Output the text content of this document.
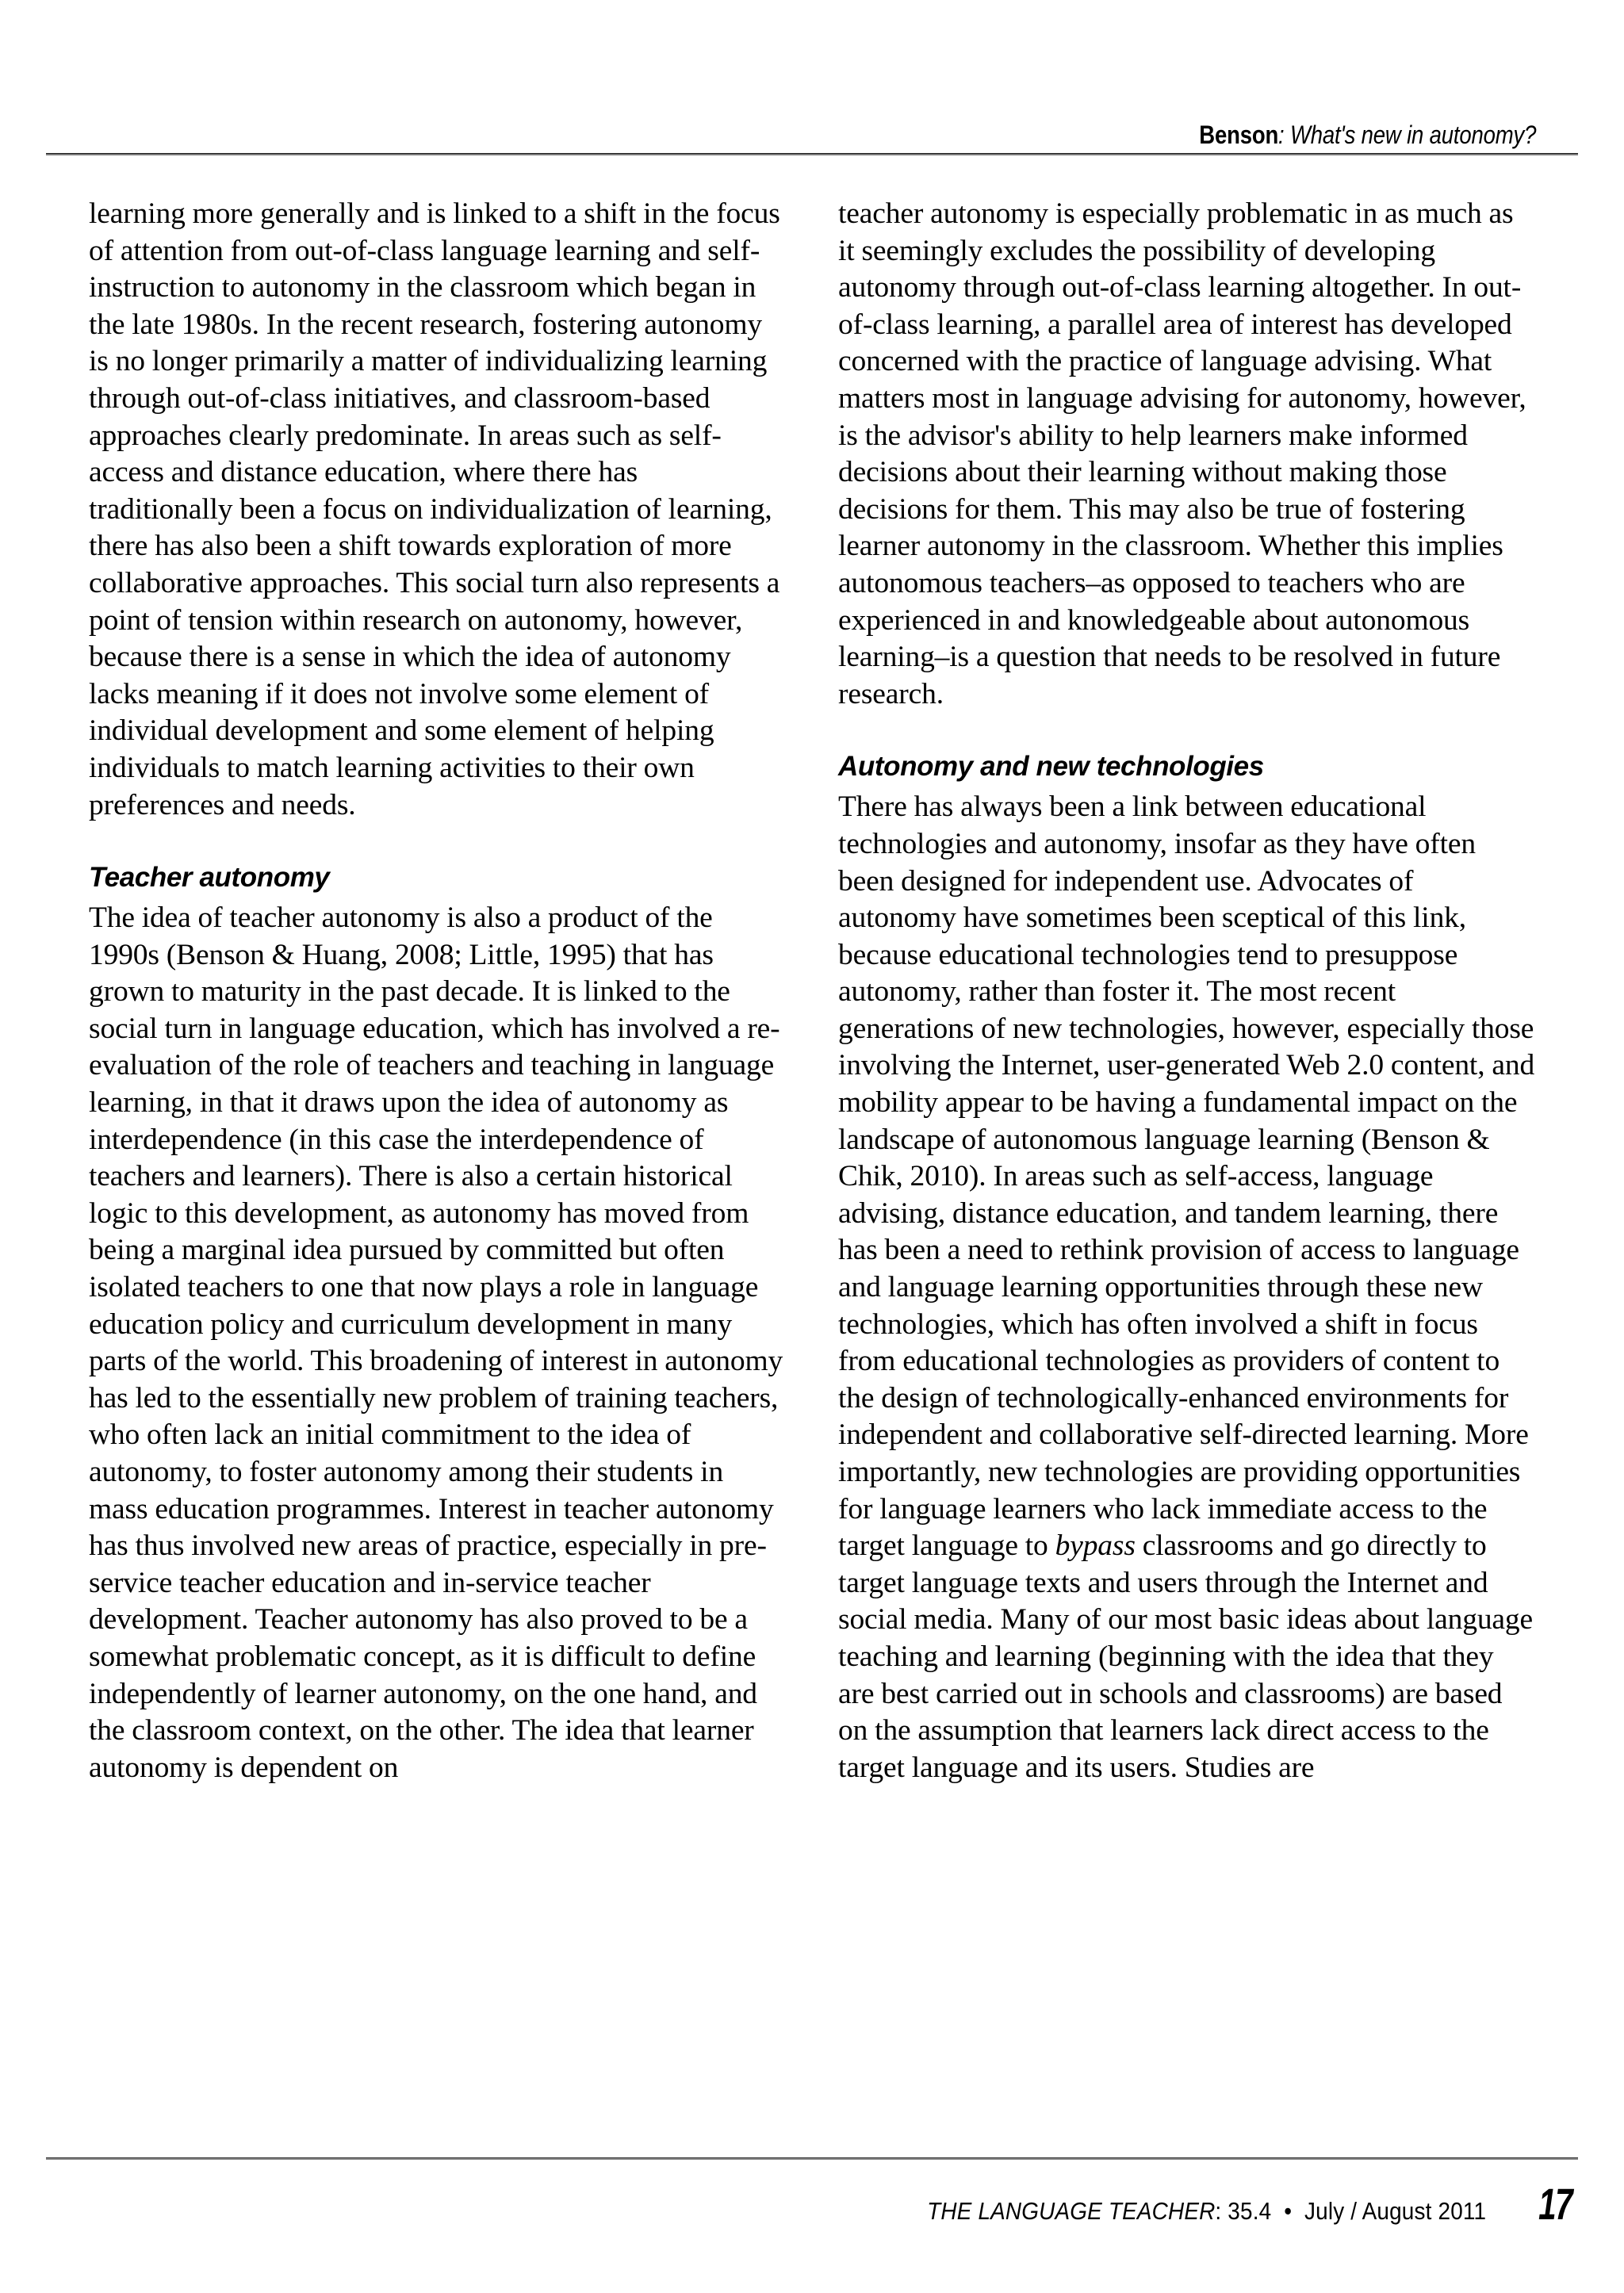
Benson: What's new in autonomy?

learning more generally and is linked to a shift in the focus of attention from out-of-class language learning and self-instruction to autonomy in the classroom which began in the late 1980s. In the recent research, fostering autonomy is no longer primarily a matter of individualizing learning through out-of-class initiatives, and classroom-based approaches clearly predominate. In areas such as self-access and distance education, where there has traditionally been a focus on individualization of learning, there has also been a shift towards exploration of more collaborative approaches. This social turn also represents a point of tension within research on autonomy, however, because there is a sense in which the idea of autonomy lacks meaning if it does not involve some element of individual development and some element of helping individuals to match learning activities to their own preferences and needs.

Teacher autonomy

The idea of teacher autonomy is also a product of the 1990s (Benson & Huang, 2008; Little, 1995) that has grown to maturity in the past decade. It is linked to the social turn in language education, which has involved a re-evaluation of the role of teachers and teaching in language learning, in that it draws upon the idea of autonomy as interdependence (in this case the interdependence of teachers and learners). There is also a certain historical logic to this development, as autonomy has moved from being a marginal idea pursued by committed but often isolated teachers to one that now plays a role in language education policy and curriculum development in many parts of the world. This broadening of interest in autonomy has led to the essentially new problem of training teachers, who often lack an initial commitment to the idea of autonomy, to foster autonomy among their students in mass education programmes. Interest in teacher autonomy has thus involved new areas of practice, especially in pre-service teacher education and in-service teacher development. Teacher autonomy has also proved to be a somewhat problematic concept, as it is difficult to define independently of learner autonomy, on the one hand, and the classroom context, on the other. The idea that learner autonomy is dependent on

teacher autonomy is especially problematic in as much as it seemingly excludes the possibility of developing autonomy through out-of-class learning altogether. In out-of-class learning, a parallel area of interest has developed concerned with the practice of language advising. What matters most in language advising for autonomy, however, is the advisor's ability to help learners make informed decisions about their learning without making those decisions for them. This may also be true of fostering learner autonomy in the classroom. Whether this implies autonomous teachers–as opposed to teachers who are experienced in and knowledgeable about autonomous learning–is a question that needs to be resolved in future research.

Autonomy and new technologies

There has always been a link between educational technologies and autonomy, insofar as they have often been designed for independent use. Advocates of autonomy have sometimes been sceptical of this link, because educational technologies tend to presuppose autonomy, rather than foster it. The most recent generations of new technologies, however, especially those involving the Internet, user-generated Web 2.0 content, and mobility appear to be having a fundamental impact on the landscape of autonomous language learning (Benson & Chik, 2010). In areas such as self-access, language advising, distance education, and tandem learning, there has been a need to rethink provision of access to language and language learning opportunities through these new technologies, which has often involved a shift in focus from educational technologies as providers of content to the design of technologically-enhanced environments for independent and collaborative self-directed learning. More importantly, new technologies are providing opportunities for language learners who lack immediate access to the target language to bypass classrooms and go directly to target language texts and users through the Internet and social media. Many of our most basic ideas about language teaching and learning (beginning with the idea that they are best carried out in schools and classrooms) are based on the assumption that learners lack direct access to the target language and its users. Studies are

THE LANGUAGE TEACHER: 35.4 • July / August 2011 17
